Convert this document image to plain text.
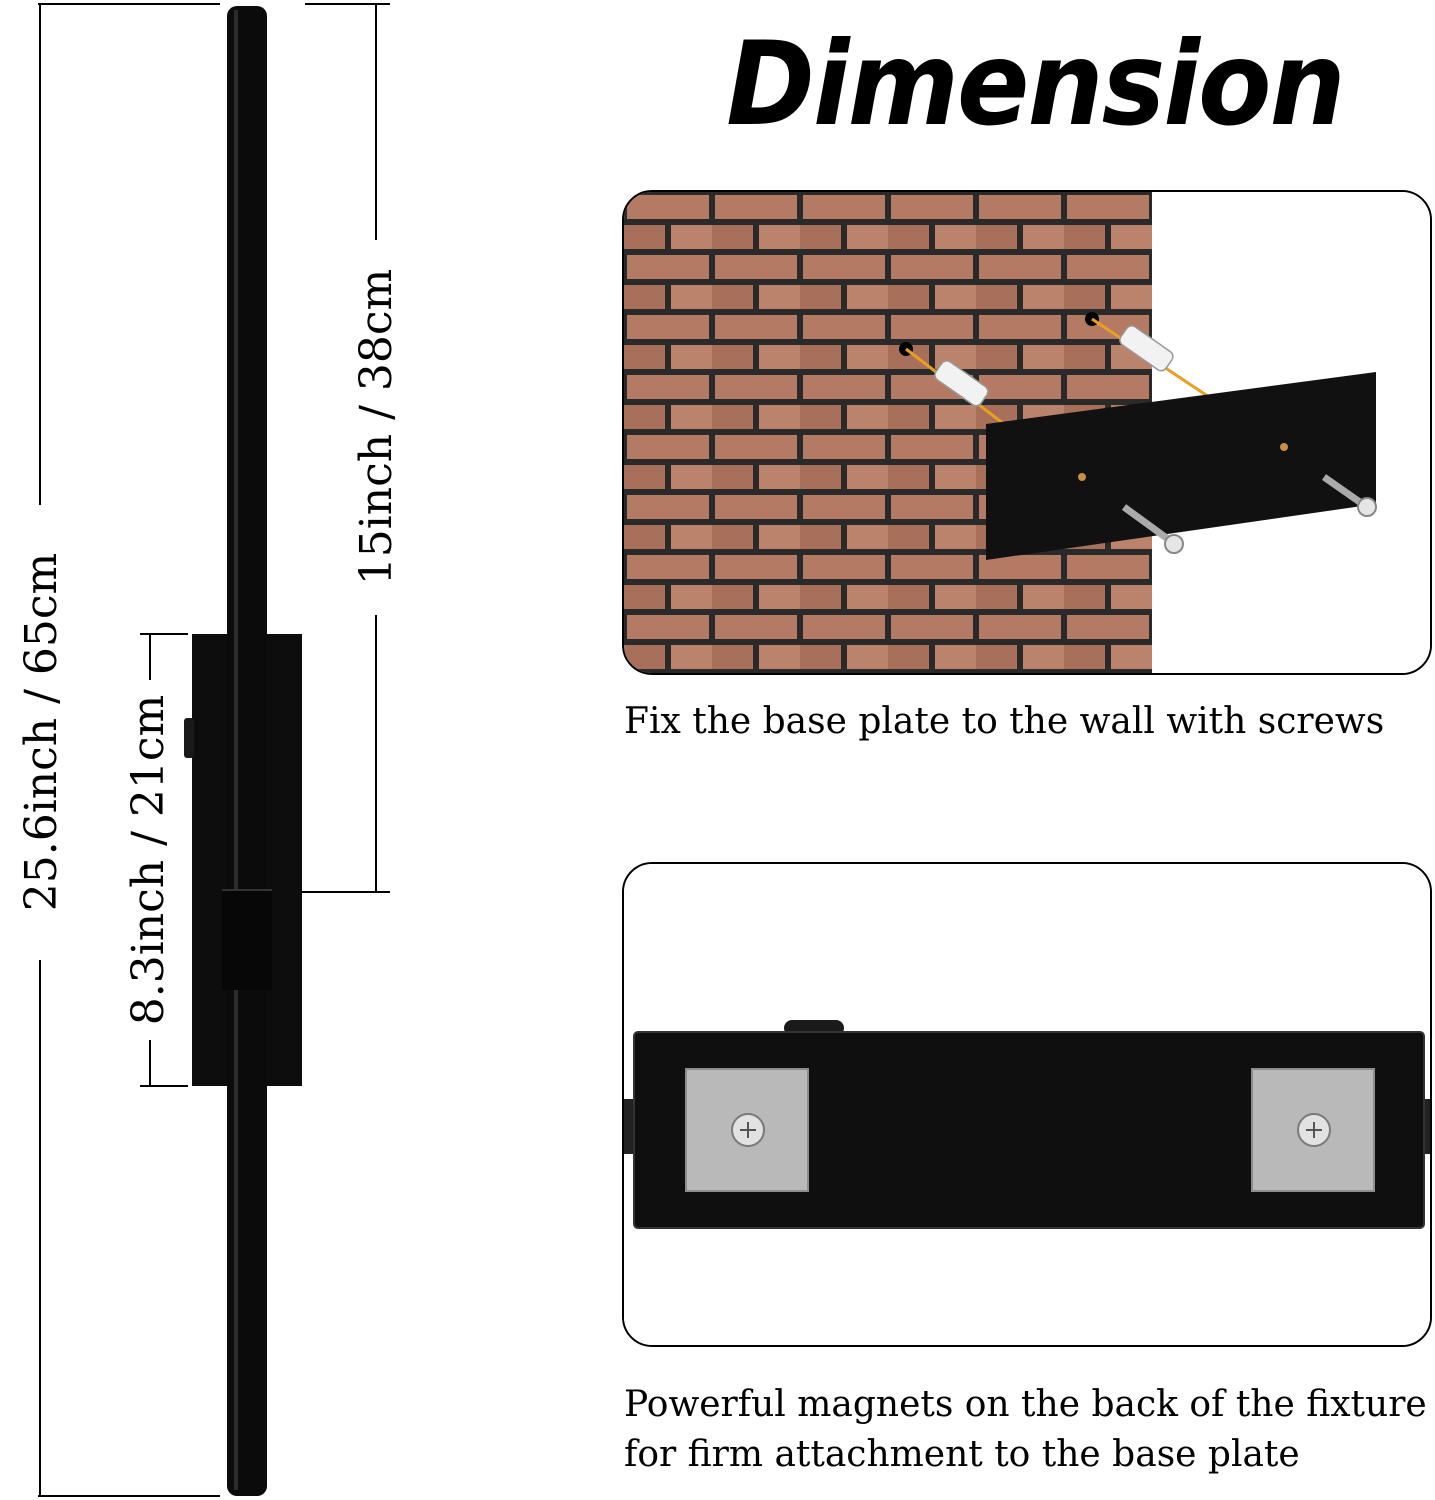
25.6inch / 65cm
15inch / 38cm
8.3inch / 21cm
Dimension
Fix the base plate to the wall with screws
Powerful magnets on the back of the fixture
for firm attachment to the base plate
